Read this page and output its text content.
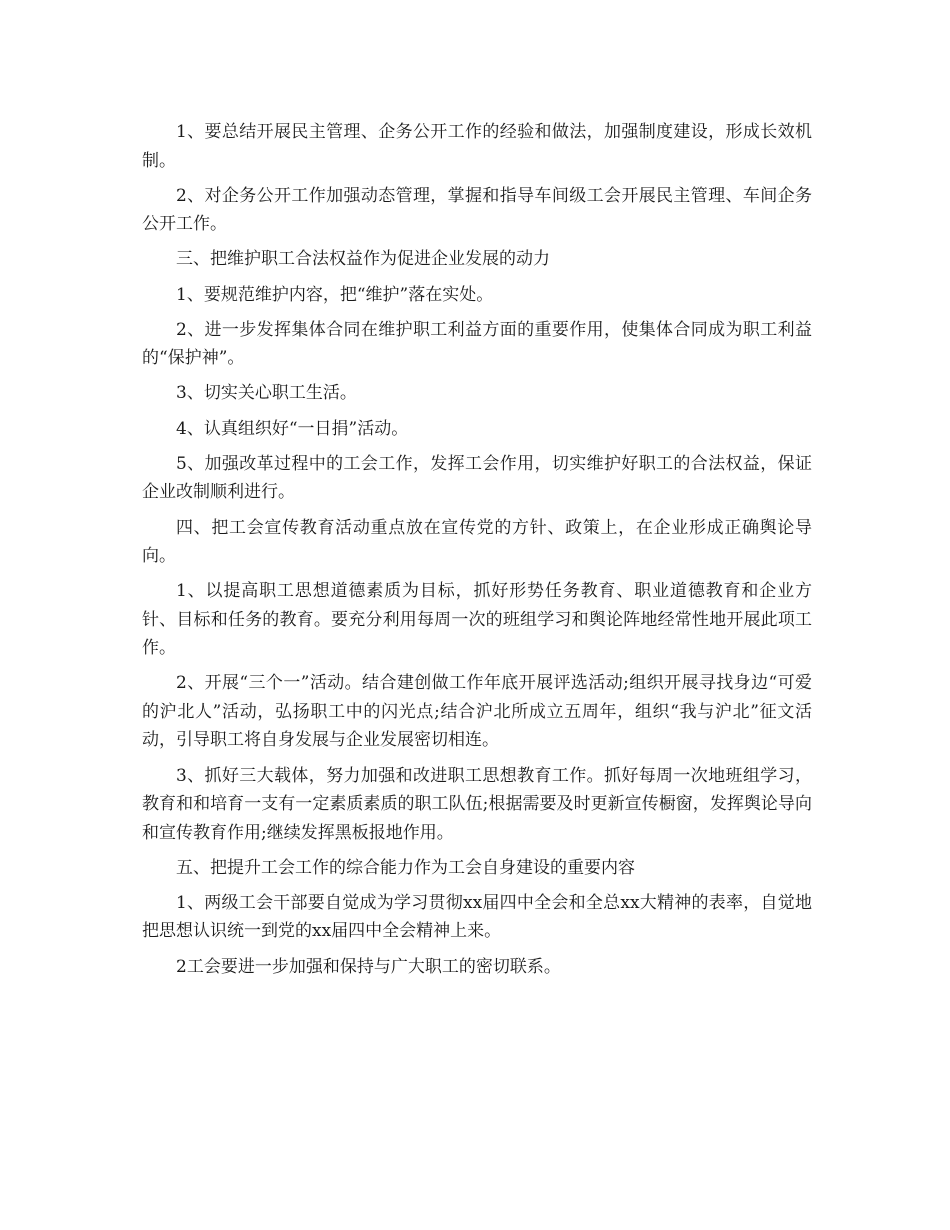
1、要总结开展民主管理、企务公开工作的经验和做法，加强制度建设，形成长效机制。

2、对企务公开工作加强动态管理，掌握和指导车间级工会开展民主管理、车间企务公开工作。

三、把维护职工合法权益作为促进企业发展的动力

1、要规范维护内容，把“维护”落在实处。

2、进一步发挥集体合同在维护职工利益方面的重要作用，使集体合同成为职工利益的“保护神”。

3、切实关心职工生活。

4、认真组织好“一日捐”活动。

5、加强改革过程中的工会工作，发挥工会作用，切实维护好职工的合法权益，保证企业改制顺利进行。

四、把工会宣传教育活动重点放在宣传党的方针、政策上，在企业形成正确舆论导向。

1、以提高职工思想道德素质为目标，抓好形势任务教育、职业道德教育和企业方针、目标和任务的教育。要充分利用每周一次的班组学习和舆论阵地经常性地开展此项工作。

2、开展“三个一”活动。结合建创做工作年底开展评选活动;组织开展寻找身边“可爱的沪北人”活动，弘扬职工中的闪光点;结合沪北所成立五周年，组织“我与沪北”征文活动，引导职工将自身发展与企业发展密切相连。

3、抓好三大载体，努力加强和改进职工思想教育工作。抓好每周一次地班组学习，教育和和培育一支有一定素质素质的职工队伍;根据需要及时更新宣传橱窗，发挥舆论导向和宣传教育作用;继续发挥黑板报地作用。

五、把提升工会工作的综合能力作为工会自身建设的重要内容

1、两级工会干部要自觉成为学习贯彻xx届四中全会和全总xx大精神的表率，自觉地把思想认识统一到党的xx届四中全会精神上来。

2工会要进一步加强和保持与广大职工的密切联系。
